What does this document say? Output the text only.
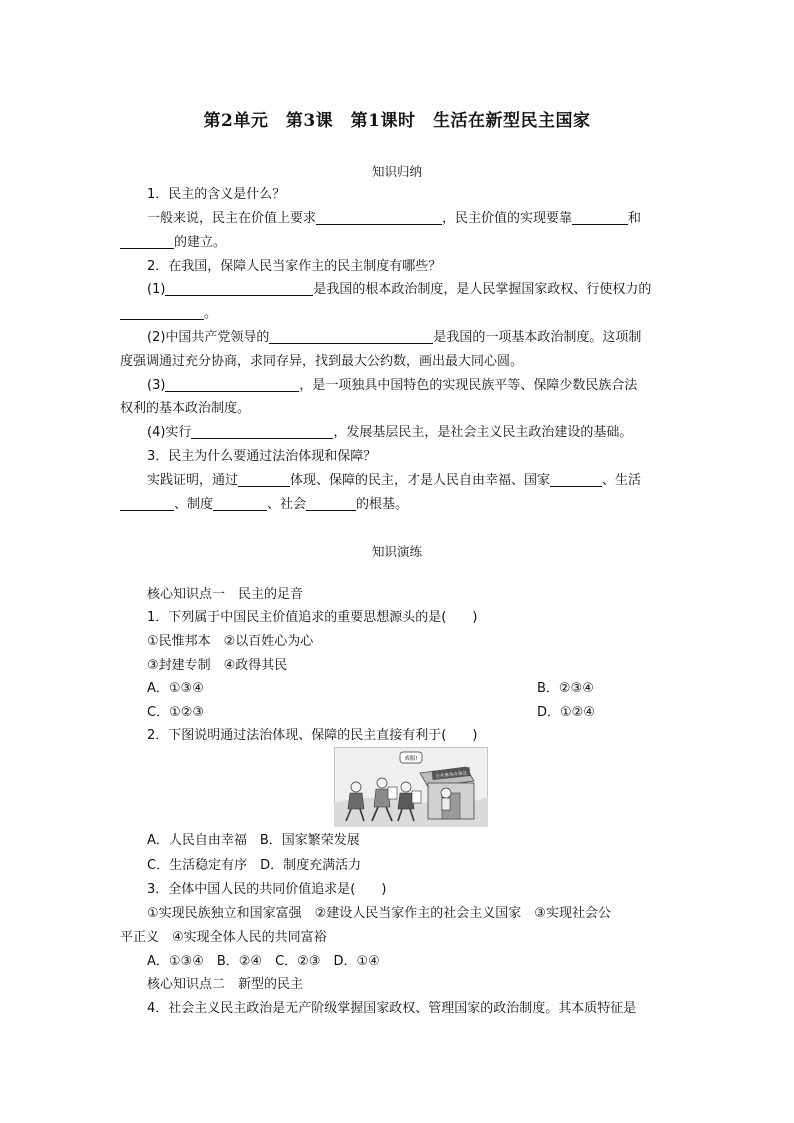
第2单元　第3课　第1课时　生活在新型民主国家
知识归纳
1．民主的含义是什么？
一般来说，民主在价值上要求	，民主价值的实现要靠	和
的建立。
2．在我国，保障人民当家作主的民主制度有哪些？
(1)	是我国的根本政治制度，是人民掌握国家政权、行使权力的
。
(2)中国共产党领导的	是我国的一项基本政治制度。这项制
度强调通过充分协商，求同存异，找到最大公约数，画出最大同心圆。
(3)	，是一项独具中国特色的实现民族平等、保障少数民族合法
权利的基本政治制度。
(4)实行	，发展基层民主，是社会主义民主政治建设的基础。
3．民主为什么要通过法治体现和保障？
实践证明，通过	体现、保障的民主，才是人民自由幸福、国家	、生活
、制度	、社会	的根基。
知识演练
核心知识点一　民主的足音
1．下列属于中国民主价值追求的重要思想源头的是(　　)
①民惟邦本　②以百姓心为心
③封建专制　④政得其民
A．①③④	B．②③④
C．①②③	D．①②④
2．下图说明通过法治体现、保障的民主直接有利于(　　)
公共事务办事处
戏服!
A．人民自由幸福　B．国家繁荣发展
C．生活稳定有序　D．制度充满活力
3．全体中国人民的共同价值追求是(　　)
①实现民族独立和国家富强　②建设人民当家作主的社会主义国家　③实现社会公
平正义　④实现全体人民的共同富裕
A．①③④　B．②④　C．②③　D．①④
核心知识点二　新型的民主
4．社会主义民主政治是无产阶级掌握国家政权、管理国家的政治制度。其本质特征是
